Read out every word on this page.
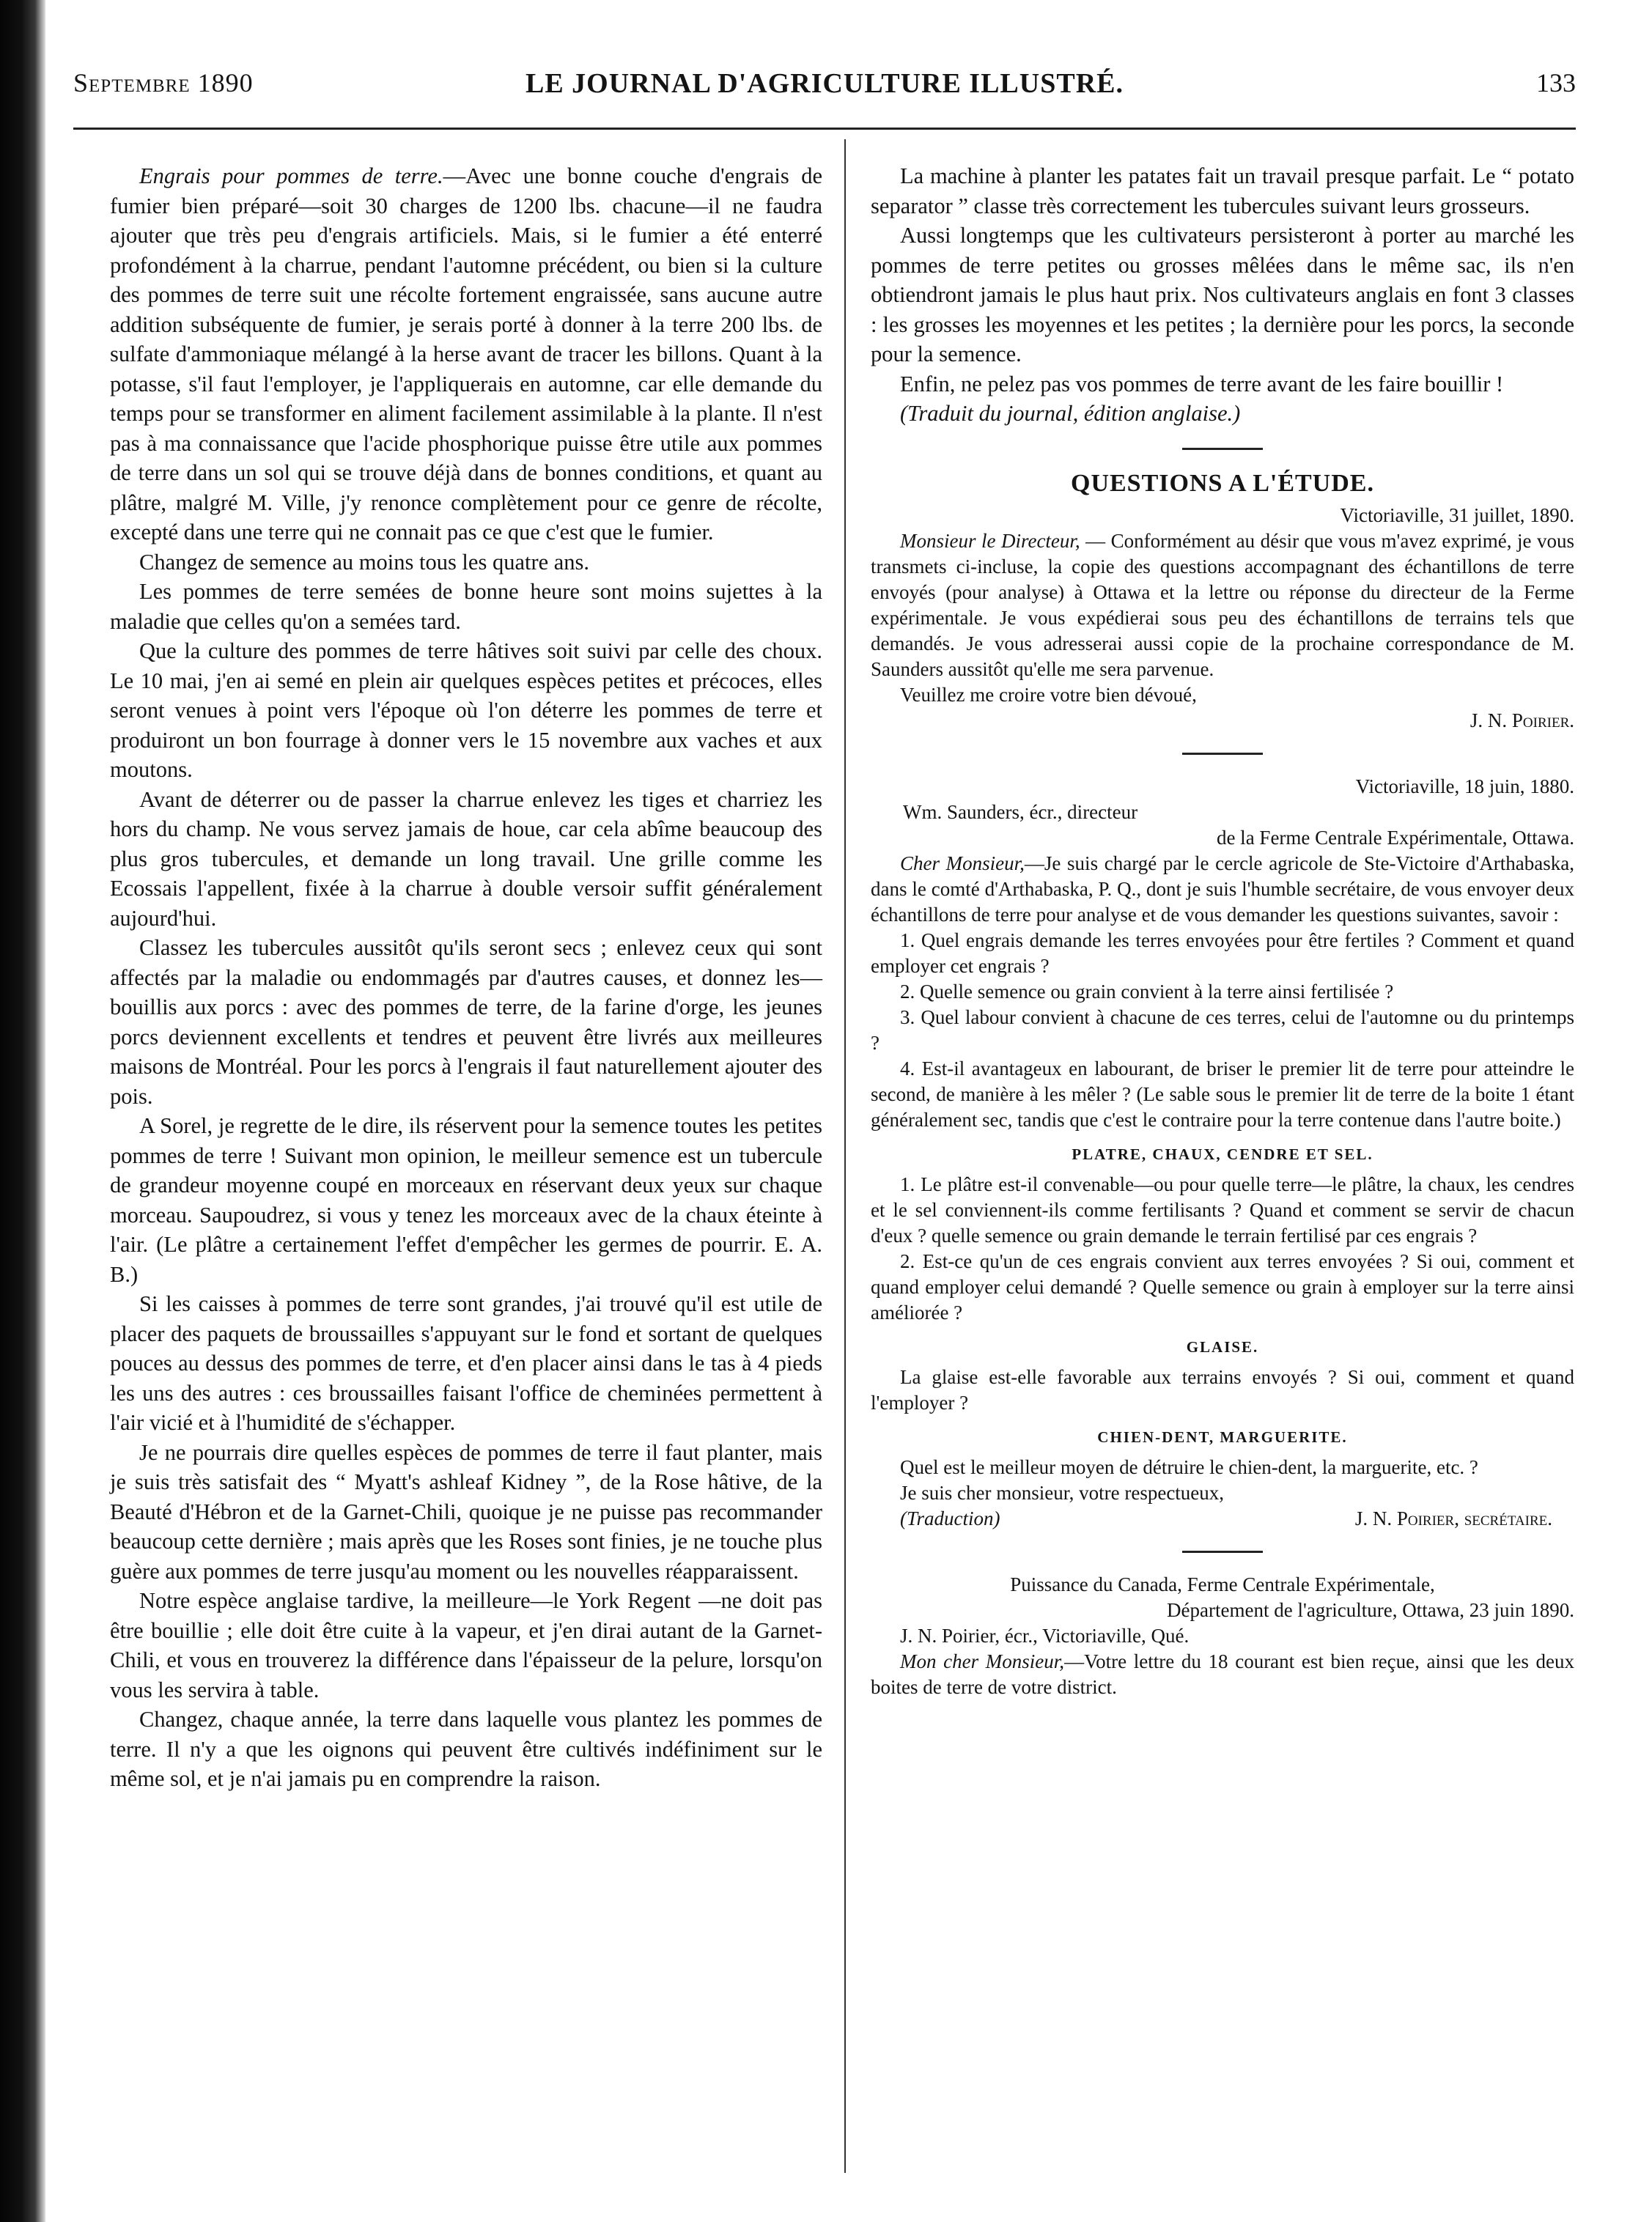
Septembre 1890	LE JOURNAL D'AGRICULTURE ILLUSTRÉ.	133

Engrais pour pommes de terre.—Avec une bonne couche d'engrais de fumier bien préparé—soit 30 charges de 1200 lbs. chacune—il ne faudra ajouter que très peu d'engrais artificiels. Mais, si le fumier a été enterré profondément à la charrue, pendant l'automne précédent, ou bien si la culture des pommes de terre suit une récolte fortement engraissée, sans aucune autre addition subséquente de fumier, je serais porté à donner à la terre 200 lbs. de sulfate d'ammoniaque mélangé à la herse avant de tracer les billons. Quant à la potasse, s'il faut l'employer, je l'appliquerais en automne, car elle demande du temps pour se transformer en aliment facilement assimilable à la plante. Il n'est pas à ma connaissance que l'acide phosphorique puisse être utile aux pommes de terre dans un sol qui se trouve déjà dans de bonnes conditions, et quant au plâtre, malgré M. Ville, j'y renonce complètement pour ce genre de récolte, excepté dans une terre qui ne connait pas ce que c'est que le fumier.

Changez de semence au moins tous les quatre ans.

Les pommes de terre semées de bonne heure sont moins sujettes à la maladie que celles qu'on a semées tard.

Que la culture des pommes de terre hâtives soit suivi par celle des choux. Le 10 mai, j'en ai semé en plein air quelques espèces petites et précoces, elles seront venues à point vers l'époque où l'on déterre les pommes de terre et produiront un bon fourrage à donner vers le 15 novembre aux vaches et aux moutons.

Avant de déterrer ou de passer la charrue enlevez les tiges et charriez les hors du champ. Ne vous servez jamais de houe, car cela abîme beaucoup des plus gros tubercules, et demande un long travail. Une grille comme les Ecossais l'appellent, fixée à la charrue à double versoir suffit généralement aujourd'hui.

Classez les tubercules aussitôt qu'ils seront secs ; enlevez ceux qui sont affectés par la maladie ou endommagés par d'autres causes, et donnez les—bouillis aux porcs : avec des pommes de terre, de la farine d'orge, les jeunes porcs deviennent excellents et tendres et peuvent être livrés aux meilleures maisons de Montréal. Pour les porcs à l'engrais il faut naturellement ajouter des pois.

A Sorel, je regrette de le dire, ils réservent pour la semence toutes les petites pommes de terre ! Suivant mon opinion, le meilleur semence est un tubercule de grandeur moyenne coupé en morceaux en réservant deux yeux sur chaque morceau. Saupoudrez, si vous y tenez les morceaux avec de la chaux éteinte à l'air. (Le plâtre a certainement l'effet d'empêcher les germes de pourrir. E. A. B.)

Si les caisses à pommes de terre sont grandes, j'ai trouvé qu'il est utile de placer des paquets de broussailles s'appuyant sur le fond et sortant de quelques pouces au dessus des pommes de terre, et d'en placer ainsi dans le tas à 4 pieds les uns des autres : ces broussailles faisant l'office de cheminées permettent à l'air vicié et à l'humidité de s'échapper.

Je ne pourrais dire quelles espèces de pommes de terre il faut planter, mais je suis très satisfait des “ Myatt's ashleaf Kidney ”, de la Rose hâtive, de la Beauté d'Hébron et de la Garnet-Chili, quoique je ne puisse pas recommander beaucoup cette dernière ; mais après que les Roses sont finies, je ne touche plus guère aux pommes de terre jusqu'au moment ou les nouvelles réapparaissent.

Notre espèce anglaise tardive, la meilleure—le York Regent —ne doit pas être bouillie ; elle doit être cuite à la vapeur, et j'en dirai autant de la Garnet-Chili, et vous en trouverez la différence dans l'épaisseur de la pelure, lorsqu'on vous les servira à table.

Changez, chaque année, la terre dans laquelle vous plantez les pommes de terre. Il n'y a que les oignons qui peuvent être cultivés indéfiniment sur le même sol, et je n'ai jamais pu en comprendre la raison.

La machine à planter les patates fait un travail presque parfait. Le “ potato separator ” classe très correctement les tubercules suivant leurs grosseurs.

Aussi longtemps que les cultivateurs persisteront à porter au marché les pommes de terre petites ou grosses mêlées dans le même sac, ils n'en obtiendront jamais le plus haut prix. Nos cultivateurs anglais en font 3 classes : les grosses les moyennes et les petites ; la dernière pour les porcs, la seconde pour la semence.

Enfin, ne pelez pas vos pommes de terre avant de les faire bouillir !

(Traduit du journal, édition anglaise.)

QUESTIONS A L'ÉTUDE.

Victoriaville, 31 juillet, 1890.

Monsieur le Directeur, — Conformément au désir que vous m'avez exprimé, je vous transmets ci-incluse, la copie des questions accompagnant des échantillons de terre envoyés (pour analyse) à Ottawa et la lettre ou réponse du directeur de la Ferme expérimentale. Je vous expédierai sous peu des échantillons de terrains tels que demandés. Je vous adresserai aussi copie de la prochaine correspondance de M. Saunders aussitôt qu'elle me sera parvenue.

Veuillez me croire votre bien dévoué,

J. N. Poirier.

Victoriaville, 18 juin, 1880.

Wm. Saunders, écr., directeur

de la Ferme Centrale Expérimentale, Ottawa.

Cher Monsieur,—Je suis chargé par le cercle agricole de Ste-Victoire d'Arthabaska, dans le comté d'Arthabaska, P. Q., dont je suis l'humble secrétaire, de vous envoyer deux échantillons de terre pour analyse et de vous demander les questions suivantes, savoir :

1. Quel engrais demande les terres envoyées pour être fertiles ? Comment et quand employer cet engrais ?

2. Quelle semence ou grain convient à la terre ainsi fertilisée ?

3. Quel labour convient à chacune de ces terres, celui de l'automne ou du printemps ?

4. Est-il avantageux en labourant, de briser le premier lit de terre pour atteindre le second, de manière à les mêler ? (Le sable sous le premier lit de terre de la boite 1 étant généralement sec, tandis que c'est le contraire pour la terre contenue dans l'autre boite.)

PLATRE, CHAUX, CENDRE ET SEL.

1. Le plâtre est-il convenable—ou pour quelle terre—le plâtre, la chaux, les cendres et le sel conviennent-ils comme fertilisants ? Quand et comment se servir de chacun d'eux ? quelle semence ou grain demande le terrain fertilisé par ces engrais ?

2. Est-ce qu'un de ces engrais convient aux terres envoyées ? Si oui, comment et quand employer celui demandé ? Quelle semence ou grain à employer sur la terre ainsi améliorée ?

GLAISE.

La glaise est-elle favorable aux terrains envoyés ? Si oui, comment et quand l'employer ?

CHIEN-DENT, MARGUERITE.

Quel est le meilleur moyen de détruire le chien-dent, la marguerite, etc. ?

Je suis cher monsieur, votre respectueux,

(Traduction)	J. N. Poirier, secrétaire.

Puissance du Canada, Ferme Centrale Expérimentale,

Département de l'agriculture, Ottawa, 23 juin 1890.

J. N. Poirier, écr., Victoriaville, Qué.

Mon cher Monsieur,—Votre lettre du 18 courant est bien reçue, ainsi que les deux boites de terre de votre district.
